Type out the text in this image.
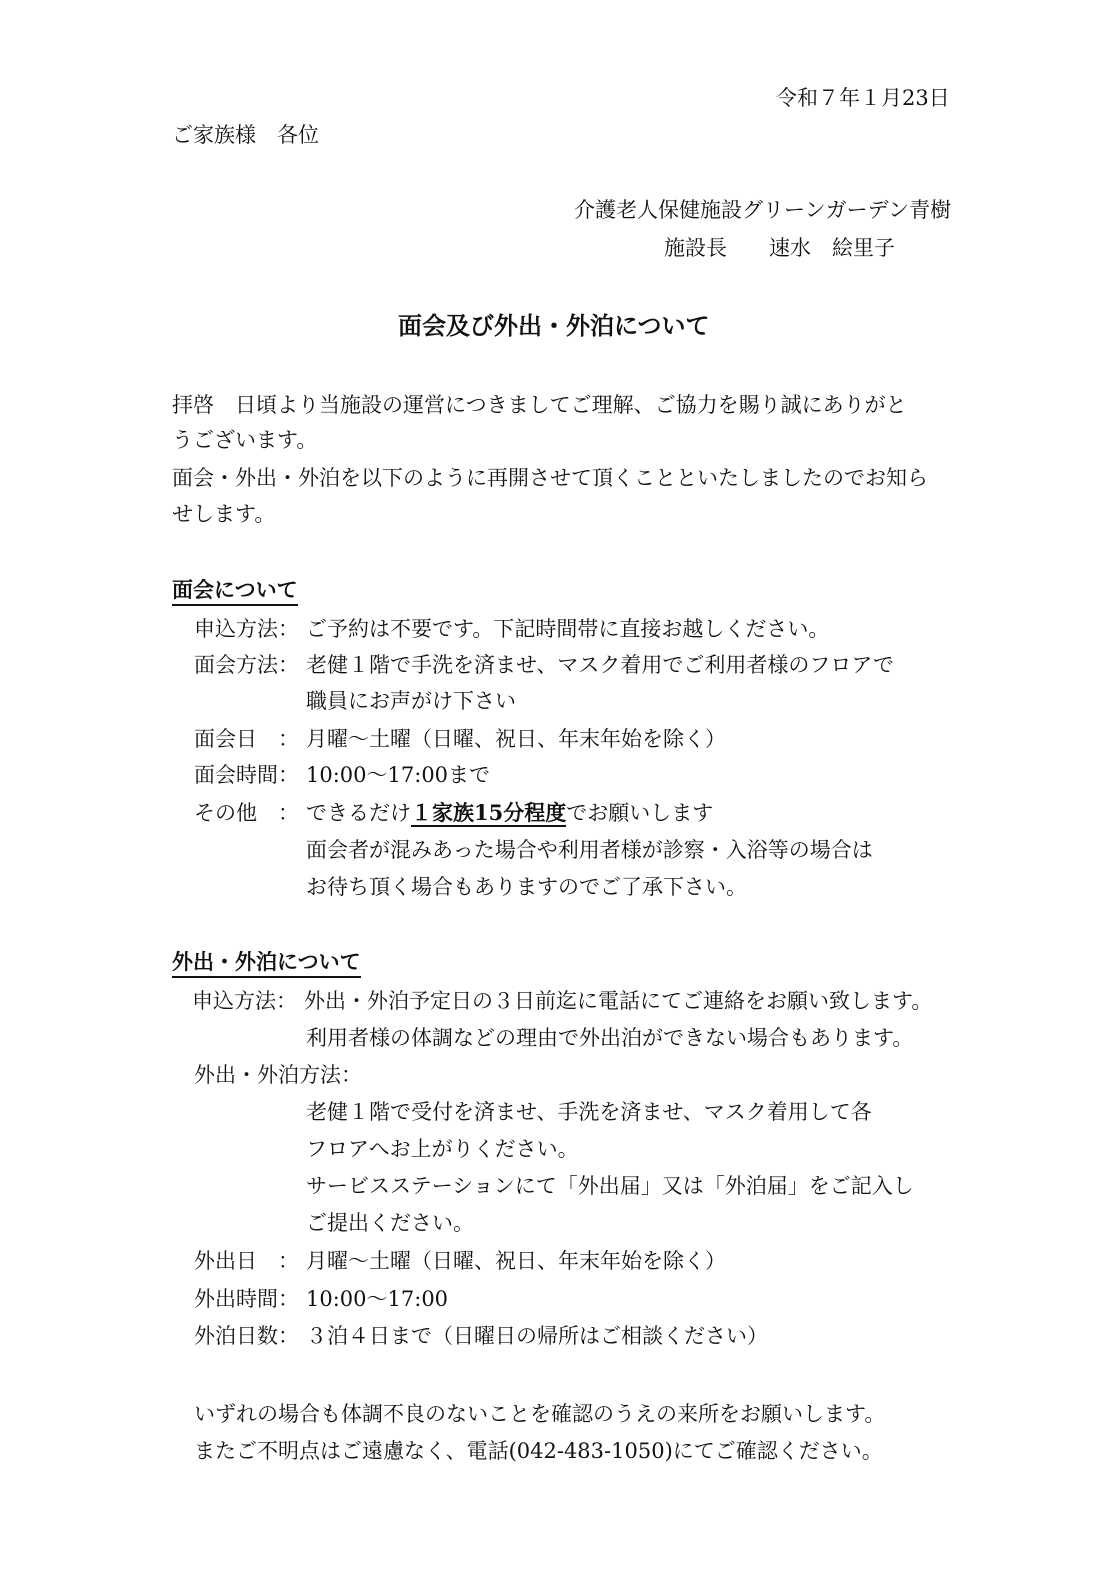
令和７年１月23日
ご家族様　各位
介護老人保健施設グリーンガーデン青樹
施設長　　速水　絵里子
面会及び外出・外泊について
拝啓　日頃より当施設の運営につきましてご理解、ご協力を賜り誠にありがと
うございます。
面会・外出・外泊を以下のように再開させて頂くことといたしましたのでお知ら
せします。
面会について
申込方法： ご予約は不要です。下記時間帯に直接お越しください。
面会方法： 老健１階で手洗を済ませ、マスク着用でご利用者様のフロアで
職員にお声がけ下さい
面会日　： 月曜～土曜（日曜、祝日、年末年始を除く）
面会時間： 10:00～17:00まで
その他　： できるだけ１家族15分程度でお願いします
面会者が混みあった場合や利用者様が診察・入浴等の場合は
お待ち頂く場合もありますのでご了承下さい。
外出・外泊について
申込方法： 外出・外泊予定日の３日前迄に電話にてご連絡をお願い致します。
利用者様の体調などの理由で外出泊ができない場合もあります。
外出・外泊方法：
老健１階で受付を済ませ、手洗を済ませ、マスク着用して各
フロアへお上がりください。
サービスステーションにて「外出届」又は「外泊届」をご記入し
ご提出ください。
外出日　： 月曜～土曜（日曜、祝日、年末年始を除く）
外出時間： 10:00～17:00
外泊日数： ３泊４日まで（日曜日の帰所はご相談ください）
いずれの場合も体調不良のないことを確認のうえの来所をお願いします。
またご不明点はご遠慮なく、電話(042-483-1050)にてご確認ください。
